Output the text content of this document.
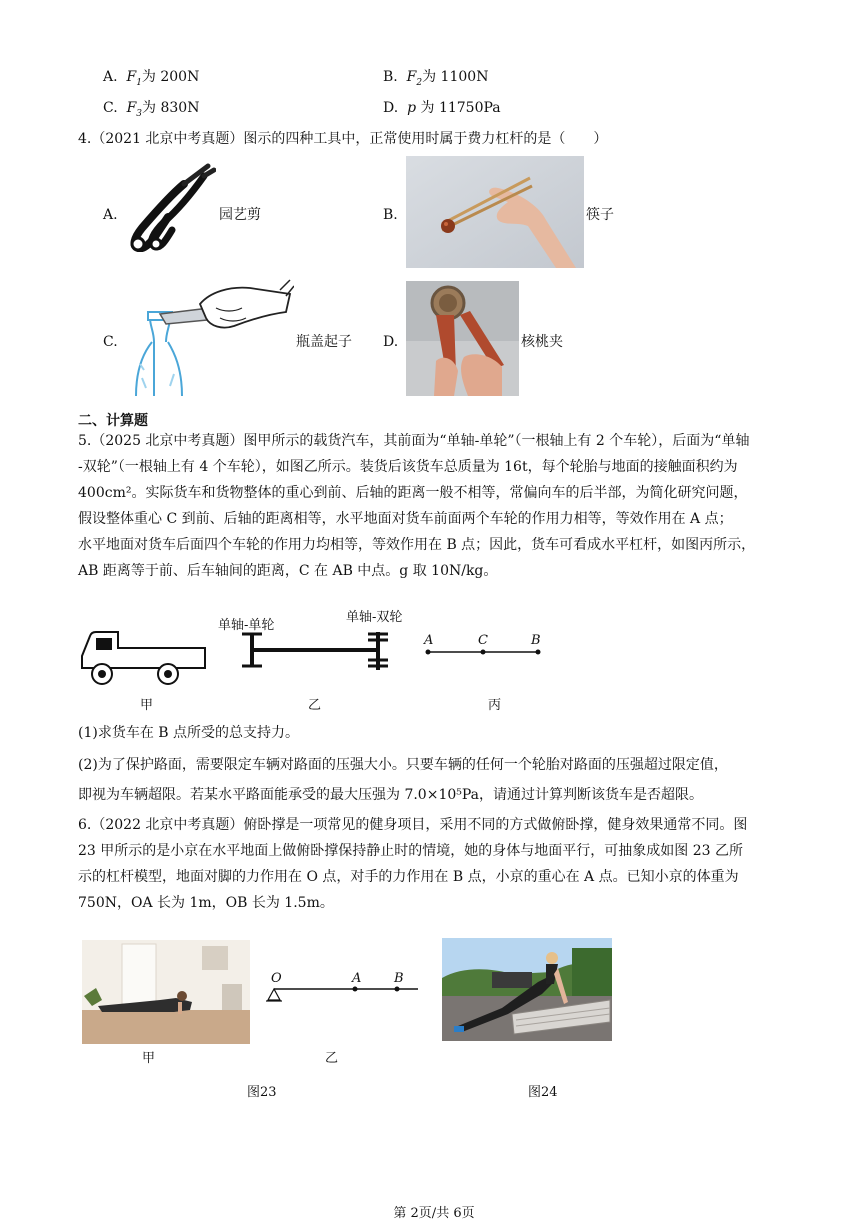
A. $F_1$为 200N	B. $F_2$为 1100N
C. $F_3$为 830N	D. p 为 11750Pa
4.（2021 北京中考真题）图示的四种工具中，正常使用时属于费力杠杆的是（　　）
A.	园艺剪	B.	筷子
C.	瓶盖起子 D.	核桃夹
二、计算题

5.（2025 北京中考真题）图甲所示的载货汽车，其前面为“单轴-单轮”（一根轴上有 2 个车轮），后面为“单轴

-双轮”（一根轴上有 4 个车轮），如图乙所示。装货后该货车总质量为 16t，每个轮胎与地面的接触面积约为

400cm²。实际货车和货物整体的重心到前、后轴的距离一般不相等，常偏向车的后半部，为简化研究问题，

假设整体重心 C 到前、后轴的距离相等，水平地面对货车前面两个车轮的作用力相等，等效作用在 A 点；

水平地面对货车后面四个车轮的作用力均相等，等效作用在 B 点；因此，货车可看成水平杠杆，如图丙所示，

AB 距离等于前、后车轴间的距离，C 在 AB 中点。g 取 10N/kg。

甲
单轴-单轮
单轴-双轮
乙
A	C	B
丙
(1)求货车在 B 点所受的总支持力。
(2)为了保护路面，需要限定车辆对路面的压强大小。只要车辆的任何一个轮胎对路面的压强超过限定值，
即视为车辆超限。若某水平路面能承受的最大压强为 7.0×10⁵Pa，请通过计算判断该货车是否超限。

6.（2022 北京中考真题）俯卧撑是一项常见的健身项目，采用不同的方式做俯卧撑，健身效果通常不同。图

23 甲所示的是小京在水平地面上做俯卧撑保持静止时的情境，她的身体与地面平行，可抽象成如图 23 乙所

示的杠杆模型，地面对脚的力作用在 O 点，对手的力作用在 B 点，小京的重心在 A 点。已知小京的体重为

750N，OA 长为 1m，OB 长为 1.5m。

甲
O	A	B
乙
图23	图24
第 2页/共 6页
